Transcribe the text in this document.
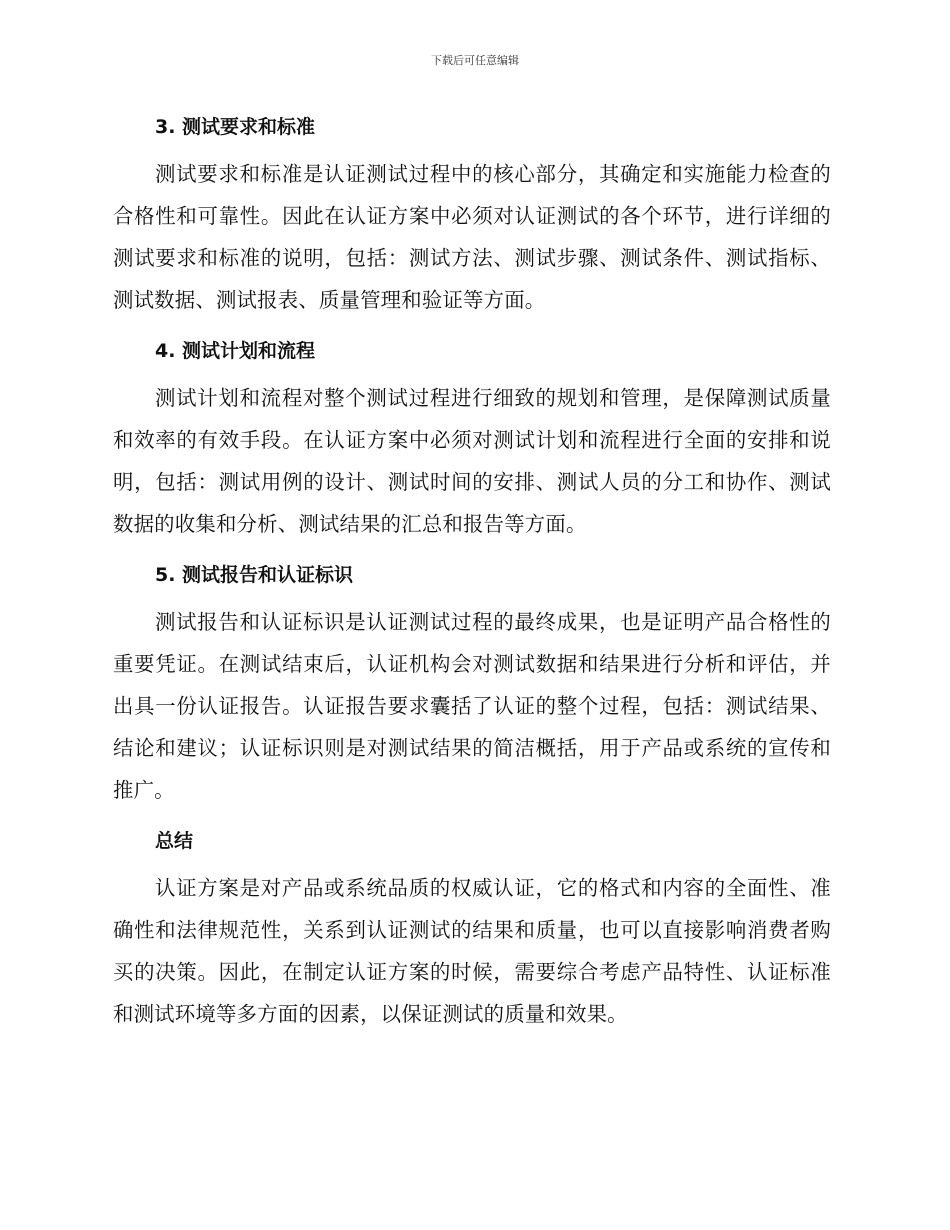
下载后可任意编辑
3. 测试要求和标准

测试要求和标准是认证测试过程中的核心部分，其确定和实施能力检查的合格性和可靠性。因此在认证方案中必须对认证测试的各个环节，进行详细的测试要求和标准的说明，包括：测试方法、测试步骤、测试条件、测试指标、测试数据、测试报表、质量管理和验证等方面。

4. 测试计划和流程

测试计划和流程对整个测试过程进行细致的规划和管理，是保障测试质量和效率的有效手段。在认证方案中必须对测试计划和流程进行全面的安排和说明，包括：测试用例的设计、测试时间的安排、测试人员的分工和协作、测试数据的收集和分析、测试结果的汇总和报告等方面。

5. 测试报告和认证标识

测试报告和认证标识是认证测试过程的最终成果，也是证明产品合格性的重要凭证。在测试结束后，认证机构会对测试数据和结果进行分析和评估，并出具一份认证报告。认证报告要求囊括了认证的整个过程，包括：测试结果、结论和建议；认证标识则是对测试结果的简洁概括，用于产品或系统的宣传和推广。

总结

认证方案是对产品或系统品质的权威认证，它的格式和内容的全面性、准确性和法律规范性，关系到认证测试的结果和质量，也可以直接影响消费者购买的决策。因此，在制定认证方案的时候，需要综合考虑产品特性、认证标准和测试环境等多方面的因素，以保证测试的质量和效果。
